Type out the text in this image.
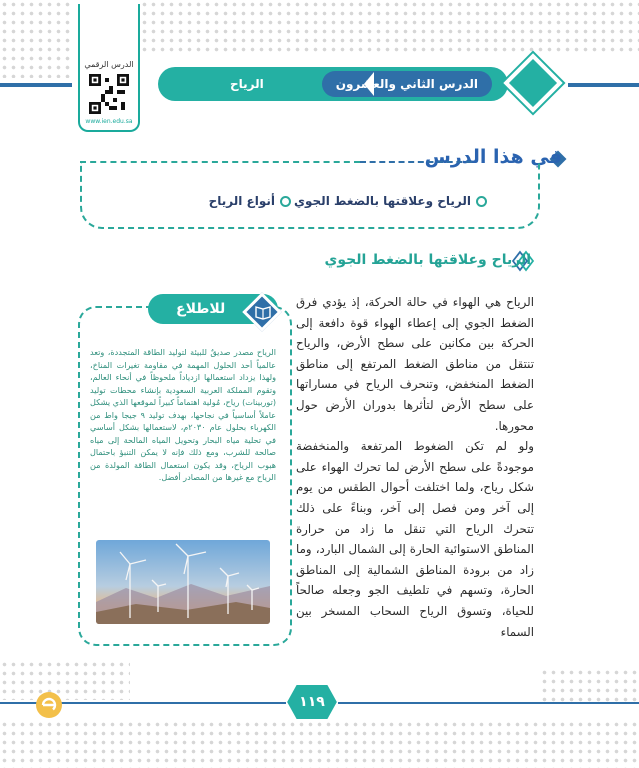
الدرس الرقمي
www.ien.edu.sa
الدرس الثاني والعشرون
الرياح
في هذا الدرس
الرياح وعلاقتها بالضغط الجوي
أنواع الرياح
الرياح وعلاقتها بالضغط الجوي

الرياح هي الهواء في حالة الحركة، إذ يؤدي فرق الضغط الجوي إلى إعطاء الهواء قوة دافعة إلى الحركة بين مكانين على سطح الأرض، والرياح تنتقل من مناطق الضغط المرتفع إلى مناطق الضغط المنخفض، وتنحرف الرياح في مساراتها على سطح الأرض لتأثرها بدوران الأرض حول محورها.

ولو لم تكن الضغوط المرتفعة والمنخفضة موجودةً على سطح الأرض لما تحرك الهواء على شكل رياح، ولما اختلفت أحوال الطقس من يوم إلى آخر ومن فصل إلى آخر، وبناءً على ذلك تتحرك الرياح التي تنقل ما زاد من حرارة المناطق الاستوائية الحارة إلى الشمال البارد، وما زاد من برودة المناطق الشمالية إلى المناطق الحارة، وتسهم في تلطيف الجو وجعله صالحاً للحياة، وتسوق الرياح السحاب المسخر بين السماء

للاطلاع
الرياح مصدر صديقٌ للبيئة لتوليد الطاقة المتجددة، وتعد عالمياً أحد الحلول المهمة في مقاومة تغيرات المناخ، ولهذا يزداد استعمالها ازدياداً ملحوظاً في أنحاء العالم، وتقوم المملكة العربية السعودية بإنشاء محطات توليد (توربينات) رياح، مُولية اهتماماً كبيراً لموقعها الذي يشكل عاملاً أساسياً في نجاحها، بهدف توليد ٩ جيجا واط من الكهرباء بحلول عام ٢٠٣٠م، لاستعمالها بشكل أساسي في تحلية مياه البحار وتحويل المياه المالحة إلى مياه صالحة للشرب، ومع ذلك فإنه لا يمكن التنبؤ باحتمال هبوب الرياح، وقد يكون استعمال الطاقة المولدة من الرياح مع غيرها من المصادر أفضل.
١١٩
